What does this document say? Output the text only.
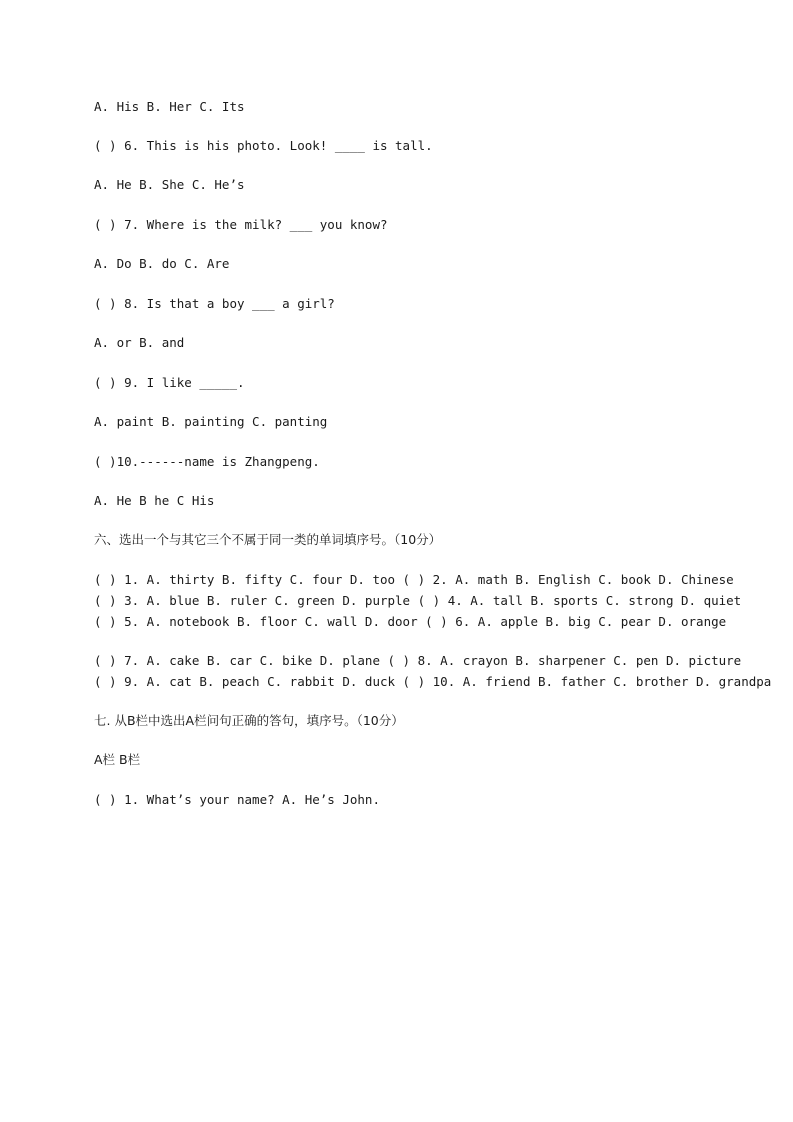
A. His B. Her C. Its
( ) 6. This is his photo. Look! ____ is tall.
A. He B. She C. He’s
( ) 7. Where is the milk? ___ you know?
A. Do B. do C. Are
( ) 8. Is that a boy ___ a girl?
A. or B. and
( ) 9. I like _____.
A. paint B. painting C. panting
( )10.------name is Zhangpeng.
A. He B he C His
六、选出一个与其它三个不属于同一类的单词填序号。（10分）
( ) 1. A. thirty B. fifty C. four D. too ( ) 2. A. math B. English C. book D. Chinese
( ) 3. A. blue B. ruler C. green D. purple ( ) 4. A. tall B. sports C. strong D. quiet
( ) 5. A. notebook B. floor C. wall D. door ( ) 6. A. apple B. big C. pear D. orange
( ) 7. A. cake B. car C. bike D. plane ( ) 8. A. crayon B. sharpener C. pen D. picture
( ) 9. A. cat B. peach C. rabbit D. duck ( ) 10. A. friend B. father C. brother D. grandpa
七. 从B栏中选出A栏问句正确的答句，填序号。（10分）
A栏 B栏
( ) 1. What’s your name? A. He’s John.
